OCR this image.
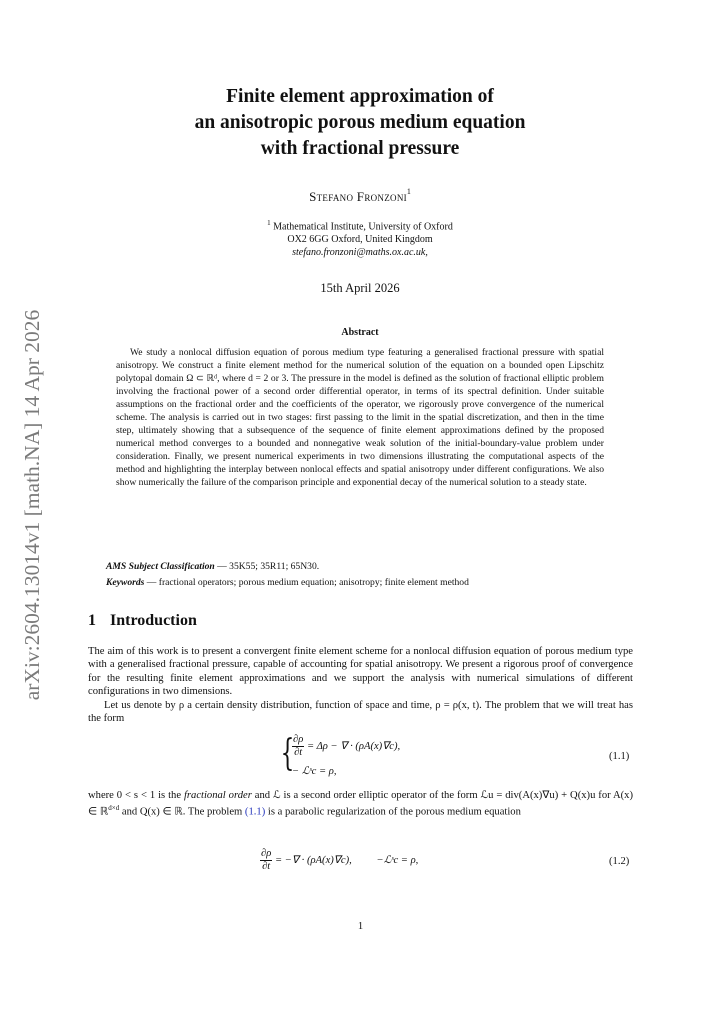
arXiv:2604.13014v1 [math.NA] 14 Apr 2026
Finite element approximation of
an anisotropic porous medium equation
with fractional pressure
Stefano Fronzoni$^1$
$^1$ Mathematical Institute, University of Oxford
OX2 6GG Oxford, United Kingdom
stefano.fronzoni@maths.ox.ac.uk,
15th April 2026
Abstract

We study a nonlocal diffusion equation of porous medium type featuring a generalised fractional pressure with spatial anisotropy. We construct a finite element method for the numerical solution of the equation on a bounded open Lipschitz polytopal domain Ω ⊂ ℝᵈ, where d = 2 or 3. The pressure in the model is defined as the solution of fractional elliptic problem involving the fractional power of a second order differential operator, in terms of its spectral definition. Under suitable assumptions on the fractional order and the coefficients of the operator, we rigorously prove convergence of the numerical scheme. The analysis is carried out in two stages: first passing to the limit in the spatial discretization, and then in the time step, ultimately showing that a subsequence of the sequence of finite element approximations defined by the proposed numerical method converges to a bounded and nonnegative weak solution of the initial-boundary-value problem under consideration. Finally, we present numerical experiments in two dimensions illustrating the computational aspects of the method and highlighting the interplay between nonlocal effects and spatial anisotropy under different configurations. We also show numerically the failure of the comparison principle and exponential decay of the numerical solution to a steady state.

AMS Subject Classification — 35K55; 35R11; 65N30.
Keywords — fractional operators; porous medium equation; anisotropy; finite element method
1 Introduction

The aim of this work is to present a convergent finite element scheme for a nonlocal diffusion equation of porous medium type with a generalised fractional pressure, capable of accounting for spatial anisotropy. We present a rigorous proof of convergence for the resulting finite element approximations and we support the analysis with numerical simulations of different configurations in two dimensions.

Let us denote by ρ a certain density distribution, function of space and time, ρ = ρ(x, t). The problem that we will treat has the form

{
$\frac{\partial\rho}{\partial t} = \Delta\rho$ − ∇ · (ρA(x)∇c),
− ℒˢc = ρ,
(1.1)

where 0 < s < 1 is the fractional order and ℒ is a second order elliptic operator of the form ℒu = div(A(x)∇u) + Q(x)u for A(x) ∈ ℝ$^{d\times d}$ and Q(x) ∈ ℝ. The problem (1.1) is a parabolic regularization of the porous medium equation

$\frac{\partial\rho}{\partial t}$ = −∇ · (ρA(x)∇c), −ℒˢc = ρ,	(1.2)
1
